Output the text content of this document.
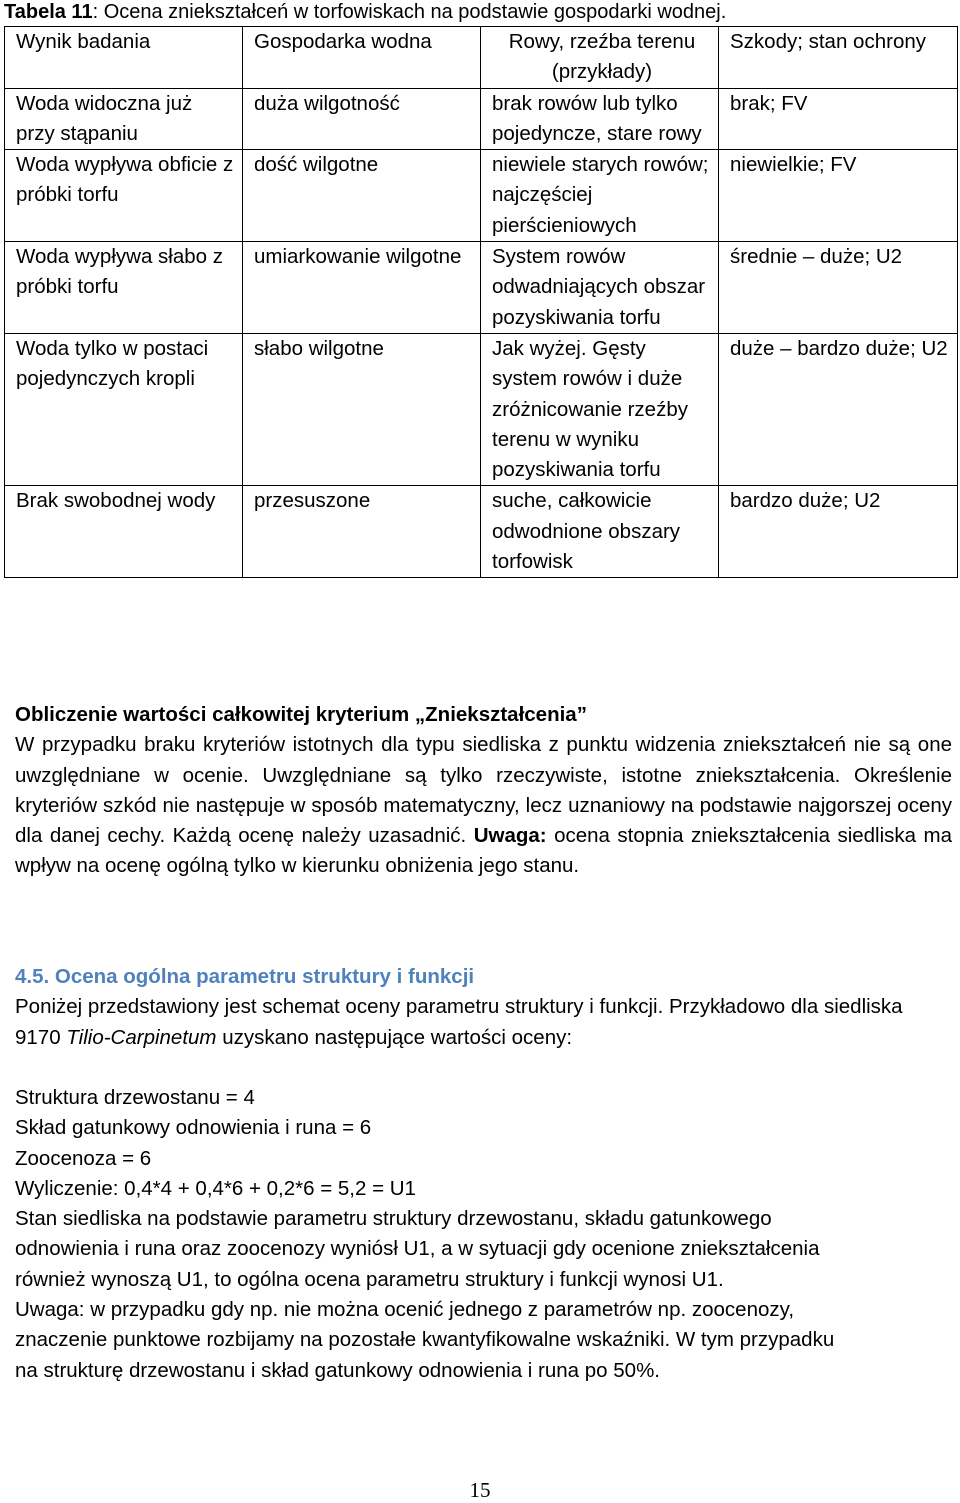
Tabela 11: Ocena zniekształceń w torfowiskach na podstawie gospodarki wodnej.
Wynik badania	Gospodarka wodna	Rowy, rzeźba terenu (przykłady)	Szkody; stan ochrony
Woda widoczna już przy stąpaniu	duża wilgotność	brak rowów lub tylko pojedyncze, stare rowy	brak; FV
Woda wypływa obficie z próbki torfu	dość wilgotne	niewiele starych rowów; najczęściej pierścieniowych	niewielkie; FV
Woda wypływa słabo z próbki torfu	umiarkowanie wilgotne	System rowów odwadniających obszar pozyskiwania torfu	średnie – duże; U2
Woda tylko w postaci pojedynczych kropli	słabo wilgotne	Jak wyżej. Gęsty system rowów i duże zróżnicowanie rzeźby terenu w wyniku pozyskiwania torfu	duże – bardzo duże; U2
Brak swobodnej wody	przesuszone	suche, całkowicie odwodnione obszary torfowisk	bardzo duże; U2
Obliczenie wartości całkowitej kryterium „Zniekształcenia”
W przypadku braku kryteriów istotnych dla typu siedliska z punktu widzenia zniekształceń nie są one uwzględniane w ocenie. Uwzględniane są tylko rzeczywiste, istotne zniekształcenia. Określenie kryteriów szkód nie następuje w sposób matematyczny, lecz uznaniowy na podstawie najgorszej oceny dla danej cechy. Każdą ocenę należy uzasadnić. Uwaga: ocena stopnia zniekształcenia siedliska ma wpływ na ocenę ogólną tylko w kierunku obniżenia jego stanu.
4.5. Ocena ogólna parametru struktury i funkcji
Poniżej przedstawiony jest schemat oceny parametru struktury i funkcji. Przykładowo dla siedliska 9170 Tilio-Carpinetum uzyskano następujące wartości oceny:
Struktura drzewostanu = 4
Skład gatunkowy odnowienia i runa = 6
Zoocenoza = 6
Wyliczenie: 0,4*4 + 0,4*6 + 0,2*6 = 5,2 = U1
Stan siedliska na podstawie parametru struktury drzewostanu, składu gatunkowego
odnowienia i runa oraz zoocenozy wyniósł U1, a w sytuacji gdy ocenione zniekształcenia
również wynoszą U1, to ogólna ocena parametru struktury i funkcji wynosi U1.
Uwaga: w przypadku gdy np. nie można ocenić jednego z parametrów np. zoocenozy,
znaczenie punktowe rozbijamy na pozostałe kwantyfikowalne wskaźniki. W tym przypadku
na strukturę drzewostanu i skład gatunkowy odnowienia i runa po 50%.
15
